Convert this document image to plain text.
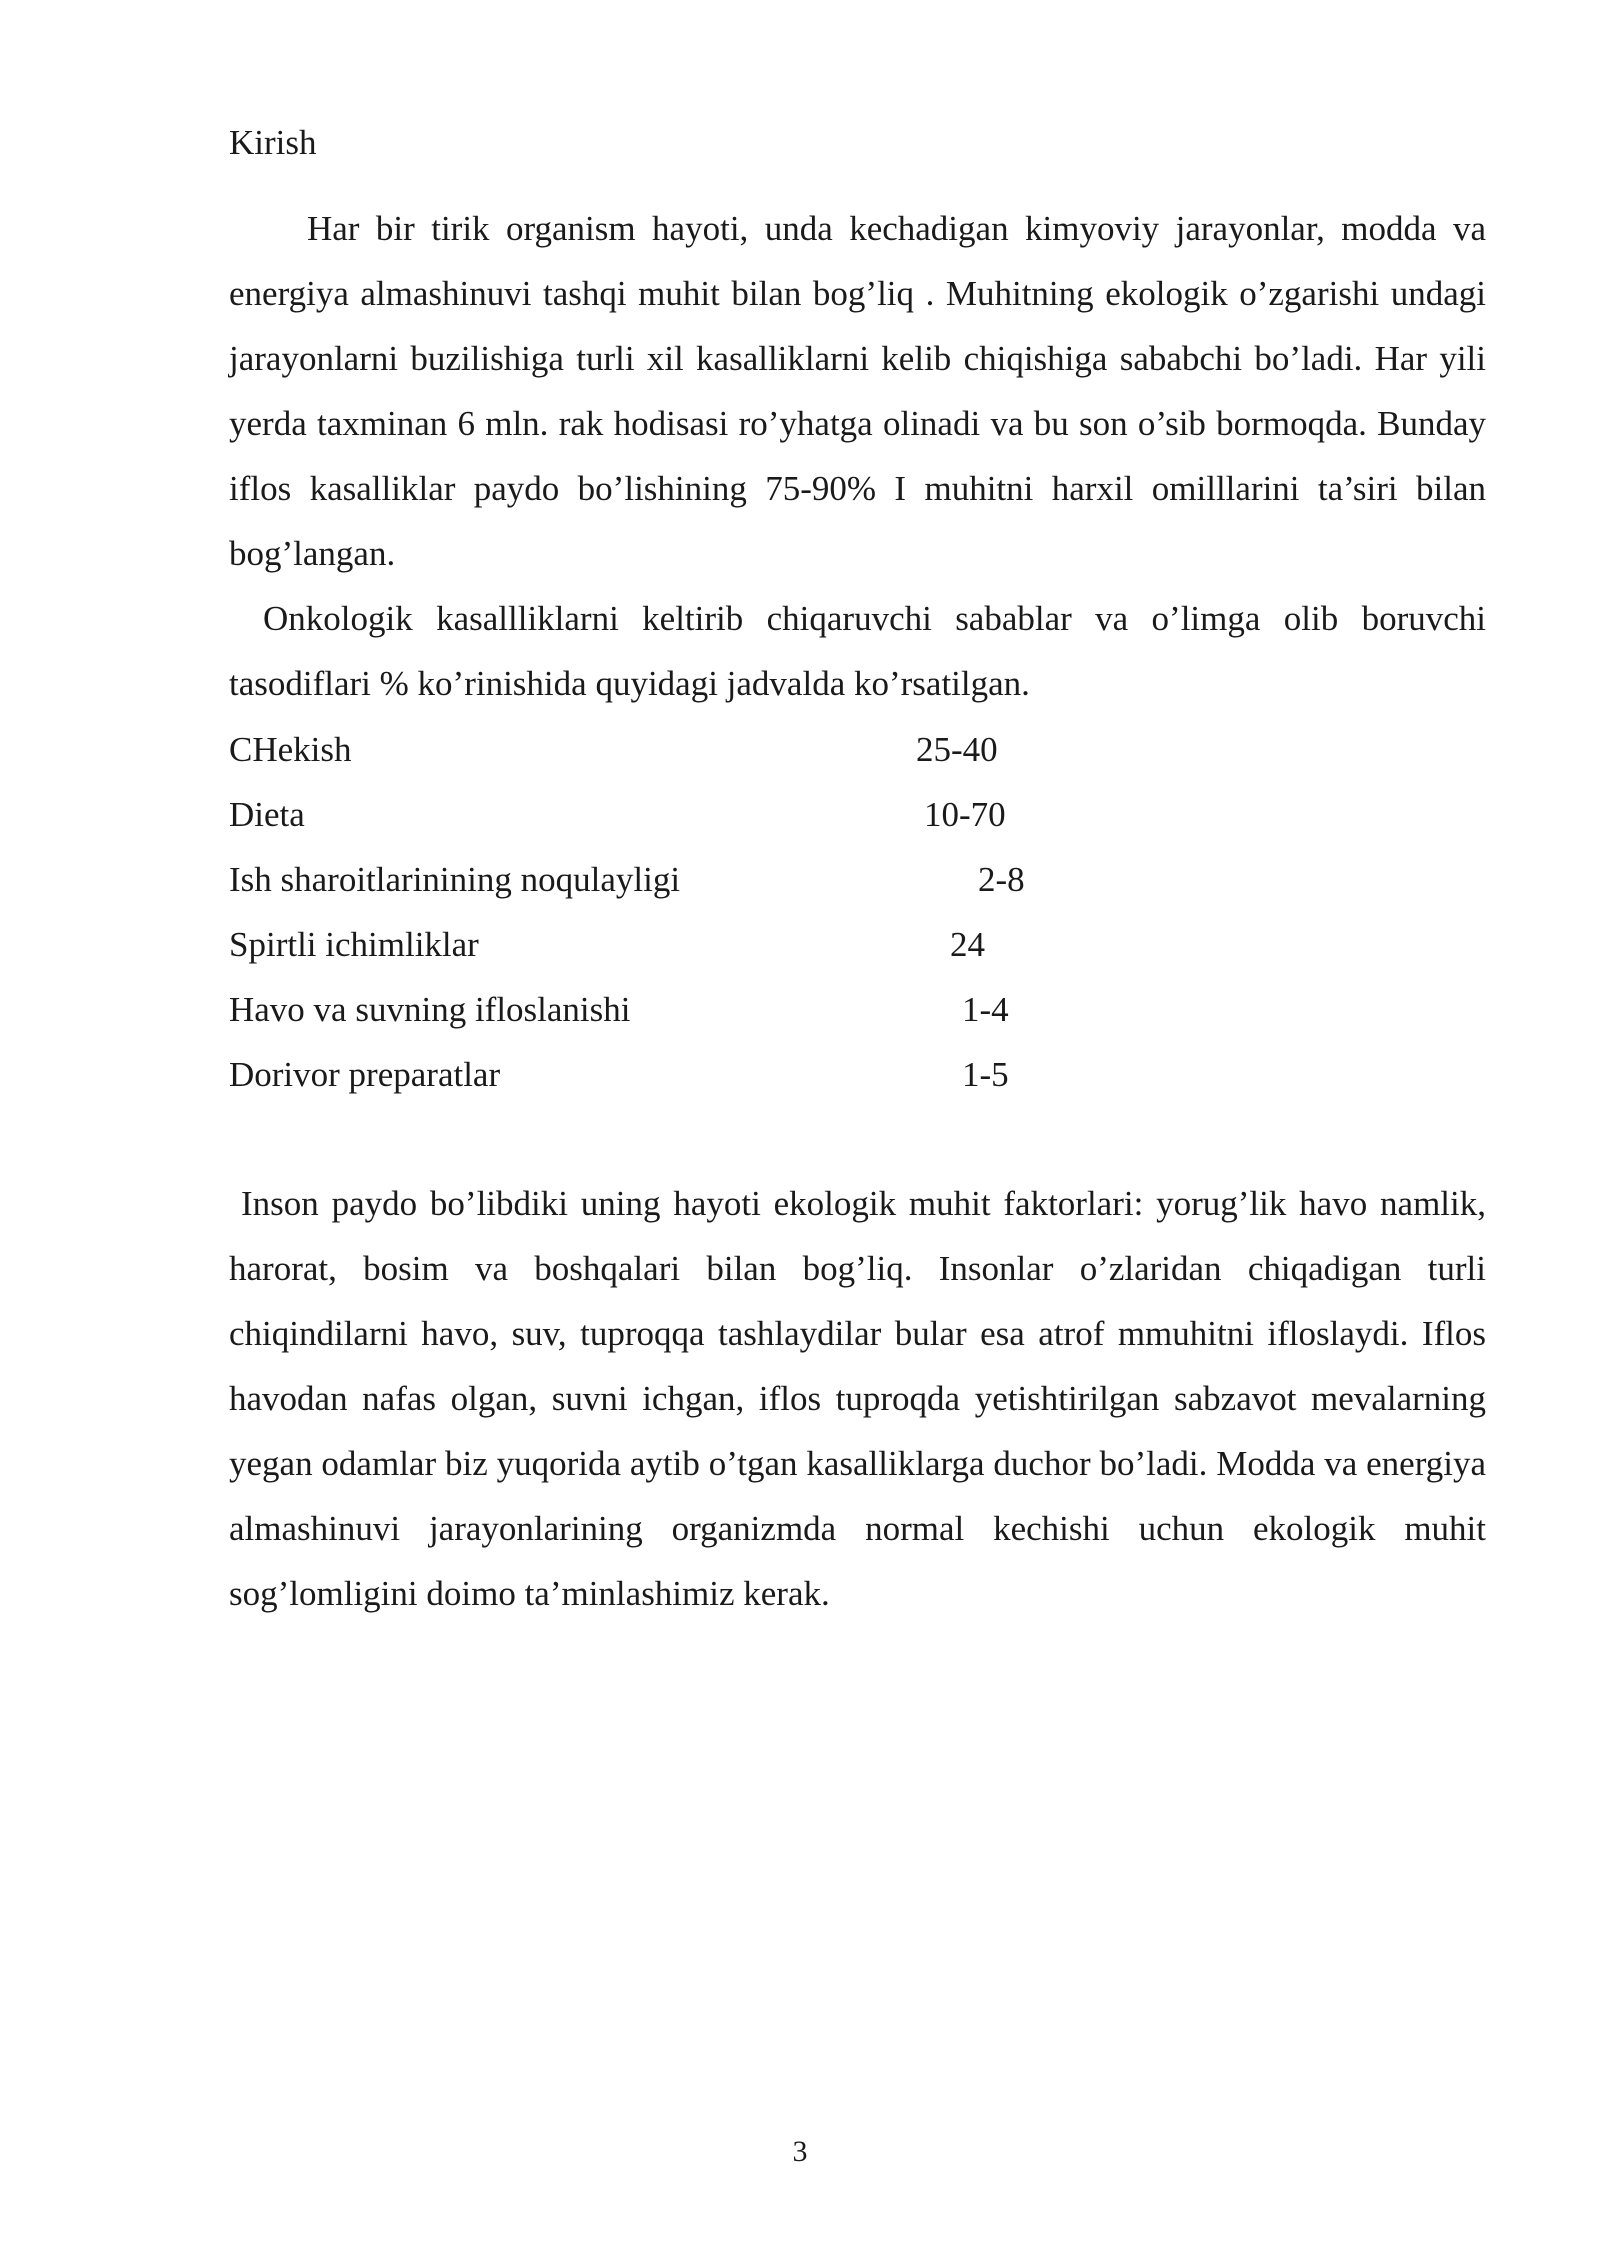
Kirish

Har bir tirik organism hayoti, unda kechadigan kimyoviy jarayonlar, modda va energiya almashinuvi tashqi muhit bilan bog’liq . Muhitning ekologik o’zgarishi undagi jarayonlarni buzilishiga turli xil kasalliklarni kelib chiqishiga sababchi bo’ladi. Har yili yerda taxminan 6 mln. rak hodisasi ro’yhatga olinadi va bu son o’sib bormoqda. Bunday iflos kasalliklar paydo bo’lishining 75-90% I muhitni harxil omilllarini ta’siri bilan bog’langan.

Onkologik kasallliklarni keltirib chiqaruvchi sabablar va o’limga olib boruvchi tasodiflari % ko’rinishida quyidagi jadvalda ko’rsatilgan.

CHekish	25-40
Dieta	10-70
Ish sharoitlarinining noqulayligi	2-8
Spirtli ichimliklar	24
Havo va suvning ifloslanishi	1-4
Dorivor preparatlar	1-5

Inson paydo bo’libdiki uning hayoti ekologik muhit faktorlari: yorug’lik havo namlik, harorat, bosim va boshqalari bilan bog’liq. Insonlar o’zlaridan chiqadigan turli chiqindilarni havo, suv, tuproqqa tashlaydilar bular esa atrof mmuhitni ifloslaydi. Iflos havodan nafas olgan, suvni ichgan, iflos tuproqda yetishtirilgan sabzavot mevalarning yegan odamlar biz yuqorida aytib o’tgan kasalliklarga duchor bo’ladi. Modda va energiya almashinuvi jarayonlarining organizmda normal kechishi uchun ekologik muhit sog’lomligini doimo ta’minlashimiz kerak.

3
